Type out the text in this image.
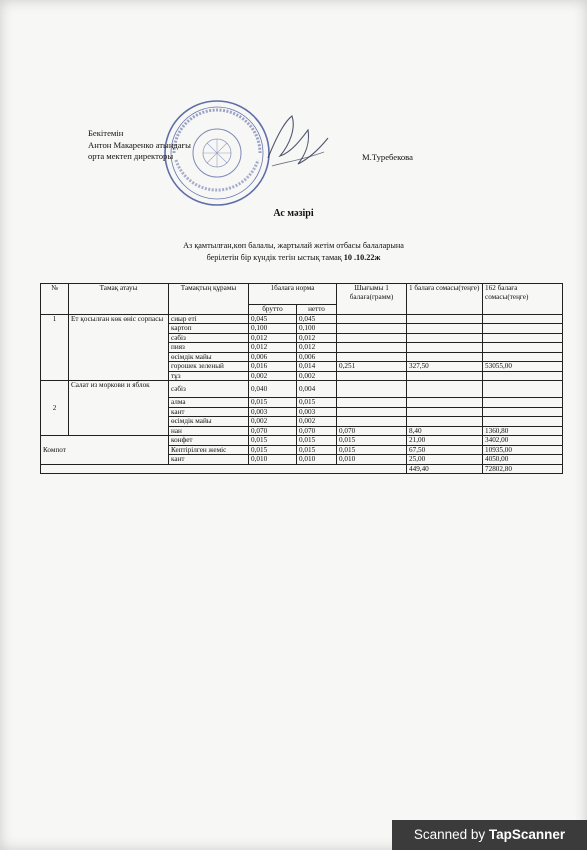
Бекітемін
Антон Макаренко атындағы
орта мектеп директоры	М.Туребекова
Ас мәзірі
Аз қамтылған,көп балалы, жартылай жетім отбасы балаларына
берілетін бір күндік тегін ыстық тамақ 10 .10.22ж
№	Тамақ атауы	Тамақтың құрамы	1балаға норма		Шығымы 1 балаға(грамм)	1 балаға сомасы(теңге)	162 балаға сомасы(теңге)
			брутто	нетто			
1	Ет қосылған көк өніс сорпасы	сиыр еті	0,045	0,045			
		картоп	0,100	0,100			
		сәбіз	0,012	0,012			
		пияз	0,012	0,012			
		өсімдік майы	0,006	0,006			
		горошек зеленый	0,016	0,014	0,251	327,50	53055,00
		тұз	0,002	0,002			
2	Салат из моркови и яблок	сәбіз	0,040	0,004			
		алма	0,015	0,015			
		кант	0,003	0,003			
		өсімдік майы	0,002	0,002			
		нан	0,070	0,070	0,070	8,40	1360,80
Компот		конфет	0,015	0,015	0,015	21,00	3402,00
		Кептірілген жеміс	0,015	0,015	0,015	67,50	10935,00
		кант	0,010	0,010	0,010	25,00	4050,00
						449,40	72802,80
Scanned by TapScanner
